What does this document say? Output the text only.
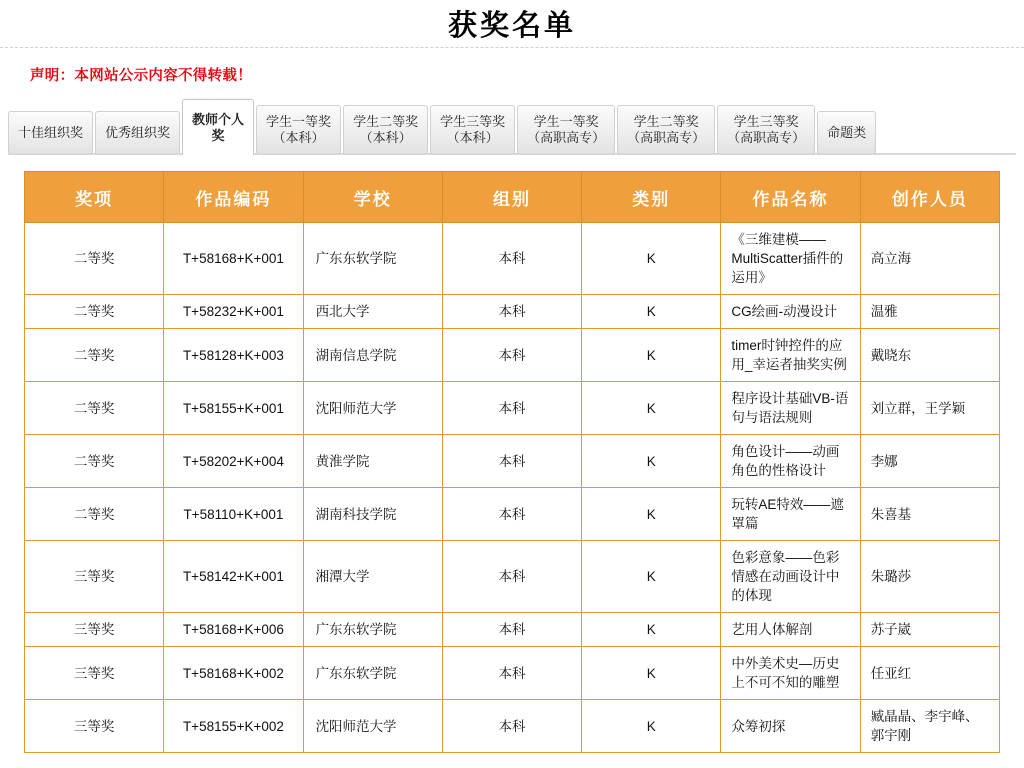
获奖名单
声明：本网站公示内容不得转载！
十佳组织奖 优秀组织奖
教师个人
奖
学生一等奖
（本科）
学生二等奖
（本科）
学生三等奖
（本科）
学生一等奖
（高职高专）
学生二等奖
（高职高专）
学生三等奖
（高职高专） 命题类
奖项	作品编码	学校	组别	类别	作品名称	创作人员
二等奖	T+58168+K+001	广东东软学院	本科	K	《三维建模——MultiScatter插件的运用》	高立海
二等奖	T+58232+K+001	西北大学	本科	K	CG绘画-动漫设计	温雅
二等奖	T+58128+K+003	湖南信息学院	本科	K	timer时钟控件的应用_幸运者抽奖实例	戴晓东
二等奖	T+58155+K+001	沈阳师范大学	本科	K	程序设计基础VB-语句与语法规则	刘立群，王学颖
二等奖	T+58202+K+004	黄淮学院	本科	K	角色设计——动画角色的性格设计	李娜
二等奖	T+58110+K+001	湖南科技学院	本科	K	玩转AE特效——遮罩篇	朱喜基
三等奖	T+58142+K+001	湘潭大学	本科	K	色彩意象——色彩情感在动画设计中的体现	朱璐莎
三等奖	T+58168+K+006	广东东软学院	本科	K	艺用人体解剖	苏子崴
三等奖	T+58168+K+002	广东东软学院	本科	K	中外美术史—历史上不可不知的雕塑	任亚红
三等奖	T+58155+K+002	沈阳师范大学	本科	K	众筹初探	臧晶晶、李宇峰、郭宇刚
